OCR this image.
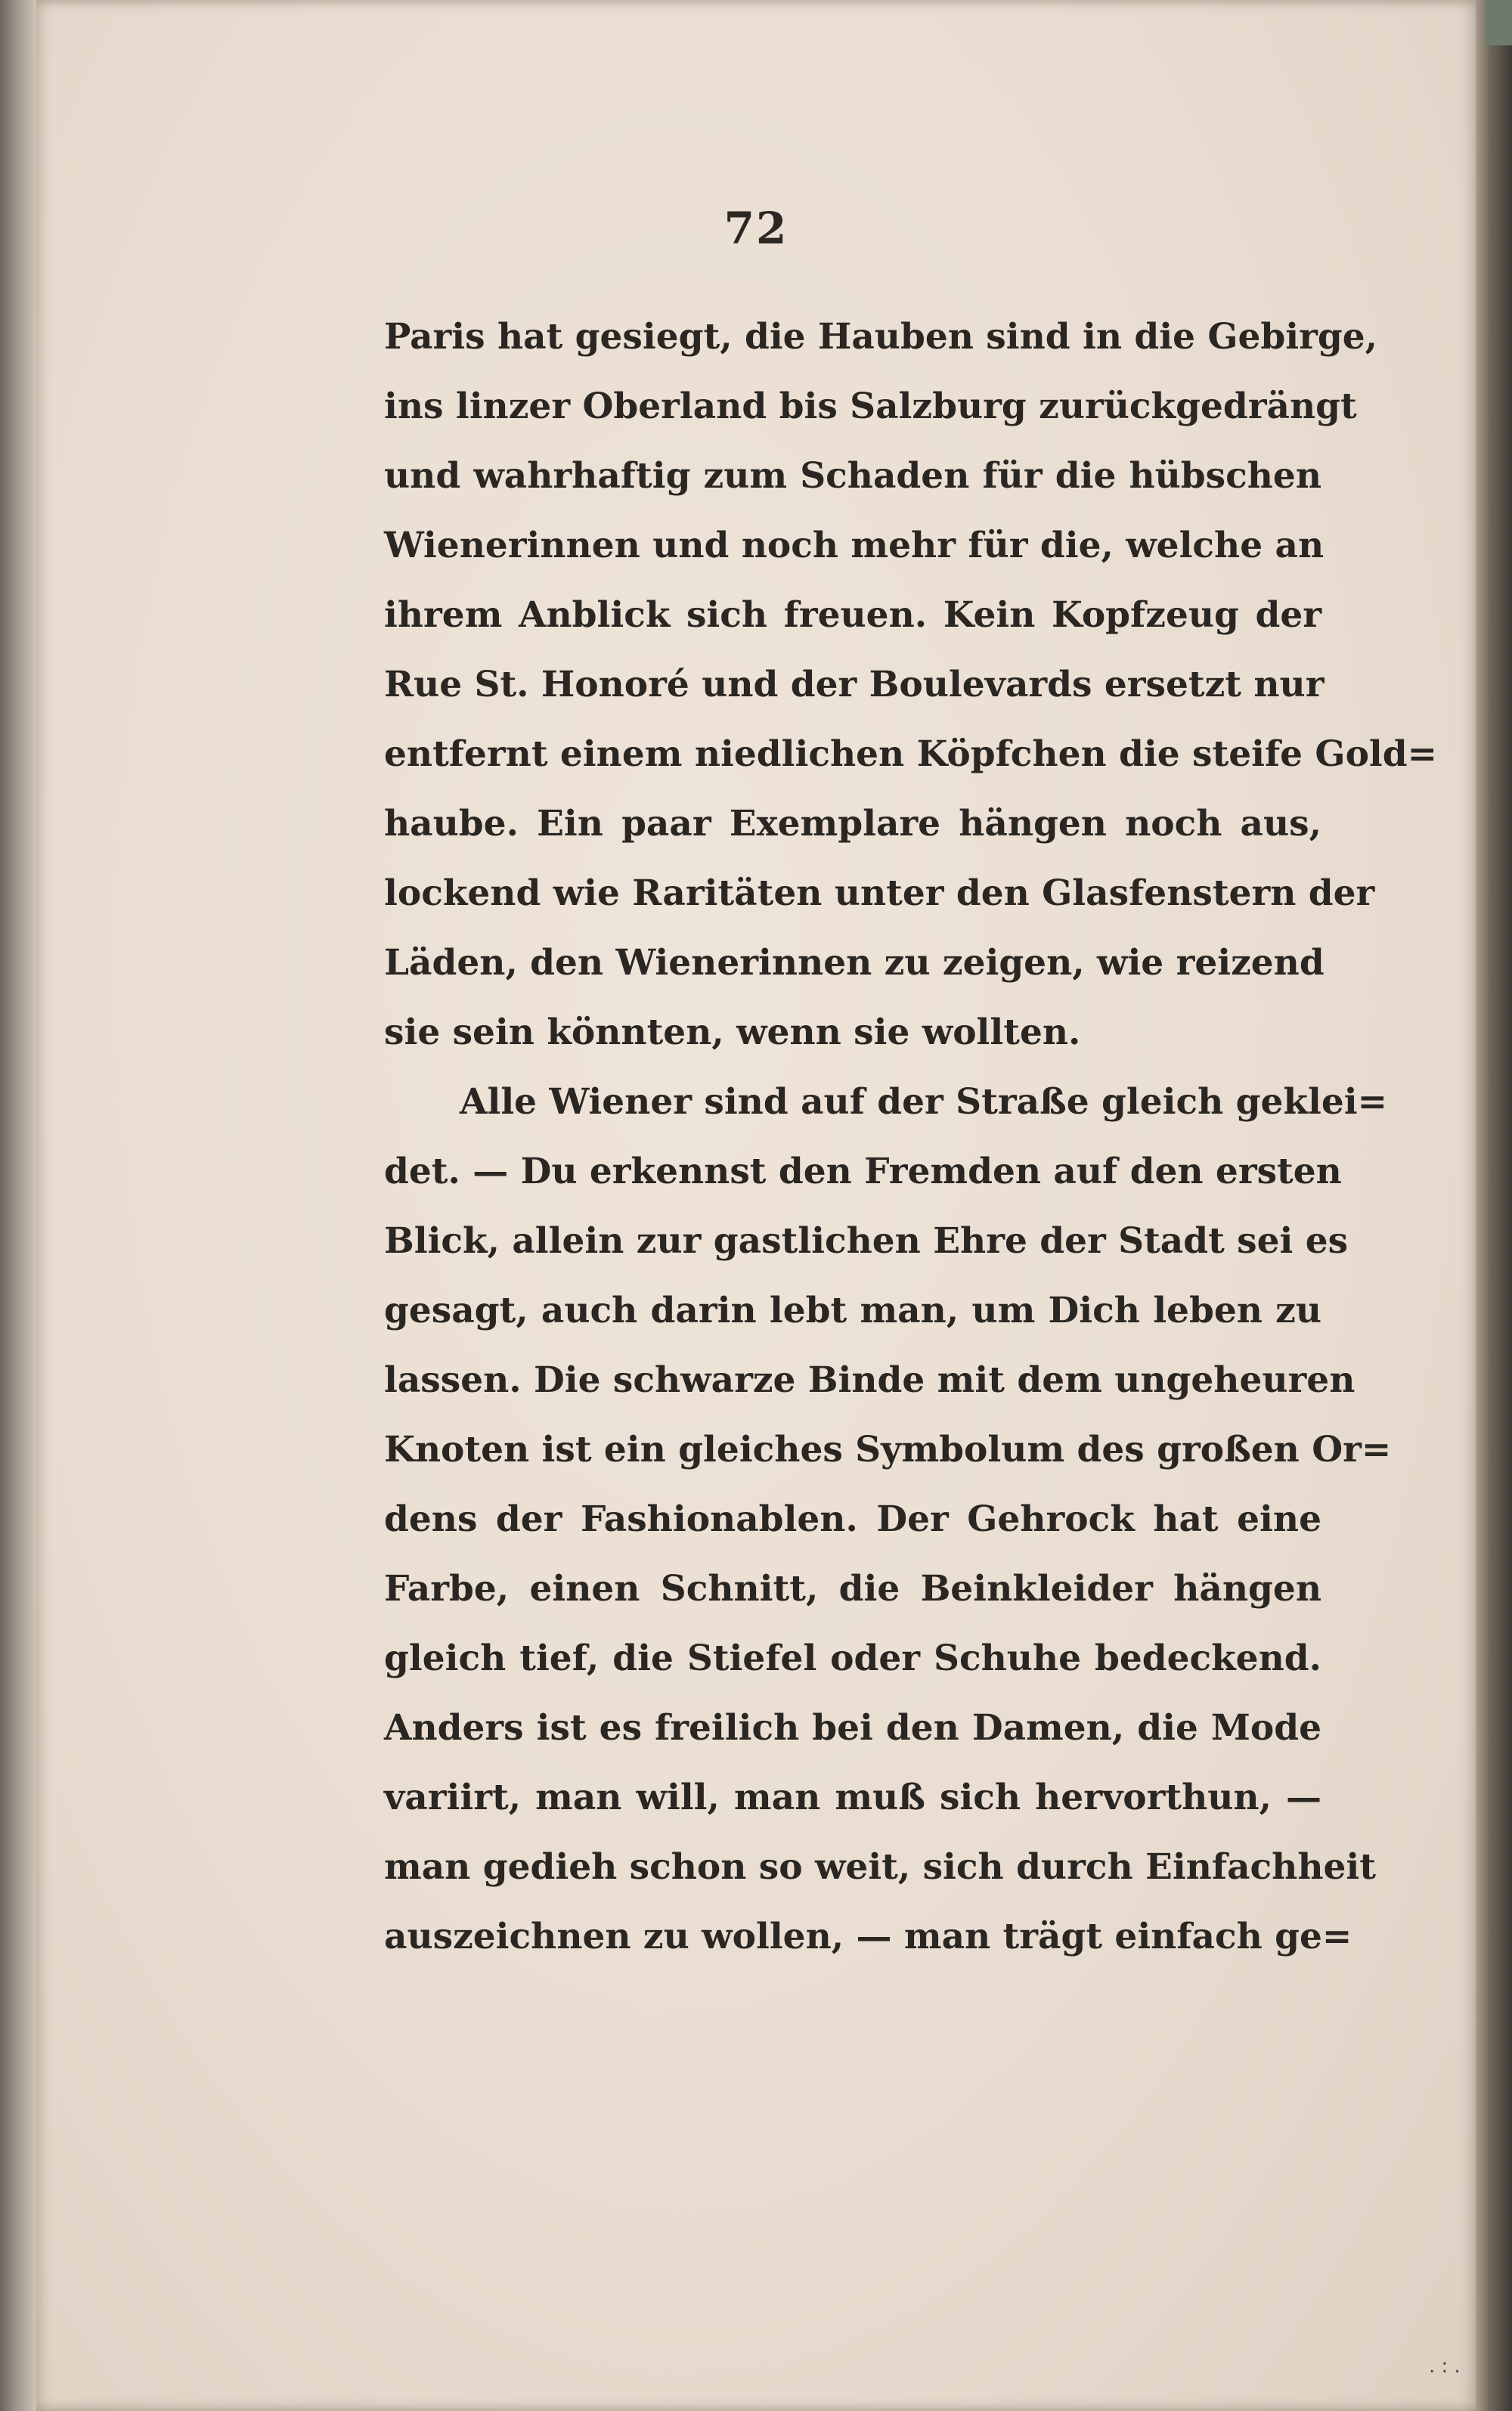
72
Paris hat gesiegt, die Hauben sind in die Gebirge,
ins linzer Oberland bis Salzburg zurückgedrängt
und wahrhaftig zum Schaden für die hübschen
Wienerinnen und noch mehr für die, welche an
ihrem Anblick sich freuen. Kein Kopfzeug der
Rue St. Honoré und der Boulevards ersetzt nur
entfernt einem niedlichen Köpfchen die steife Gold=
haube. Ein paar Exemplare hängen noch aus,
lockend wie Raritäten unter den Glasfenstern der
Läden, den Wienerinnen zu zeigen, wie reizend
sie sein könnten, wenn sie wollten.
Alle Wiener sind auf der Straße gleich geklei=
det. — Du erkennst den Fremden auf den ersten
Blick, allein zur gastlichen Ehre der Stadt sei es
gesagt, auch darin lebt man, um Dich leben zu
lassen. Die schwarze Binde mit dem ungeheuren
Knoten ist ein gleiches Symbolum des großen Or=
dens der Fashionablen. Der Gehrock hat eine
Farbe, einen Schnitt, die Beinkleider hängen
gleich tief, die Stiefel oder Schuhe bedeckend.
Anders ist es freilich bei den Damen, die Mode
variirt, man will, man muß sich hervorthun, —
man gedieh schon so weit, sich durch Einfachheit
auszeichnen zu wollen, — man trägt einfach ge=
. : .
